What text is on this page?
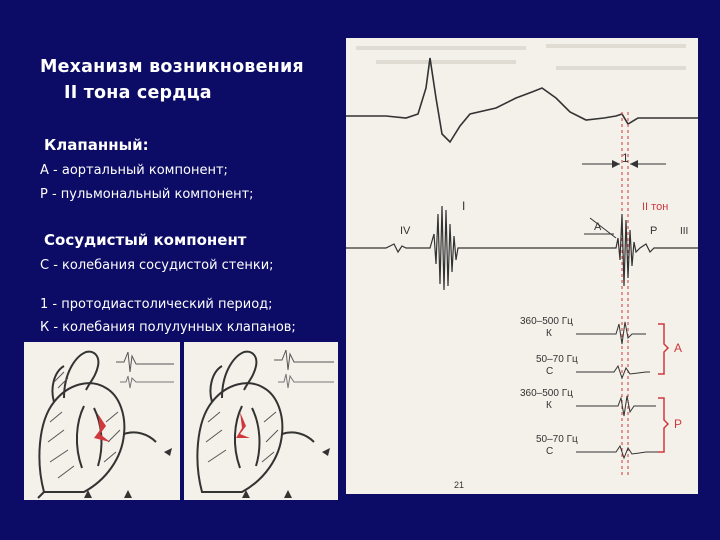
Механизм возникновения
II тона сердца
Клапанный:
А - аортальный компонент;
Р - пульмональный компонент;
Сосудистый компонент
С - колебания сосудистой стенки;
1 - протодиастолический период;
К - колебания полулунных клапанов;
1
I
IV	III
А	Р
II тон
360–500 Гц
К
50–70 Гц
С
360–500 Гц
К
50–70 Гц
С
А
Р
21
